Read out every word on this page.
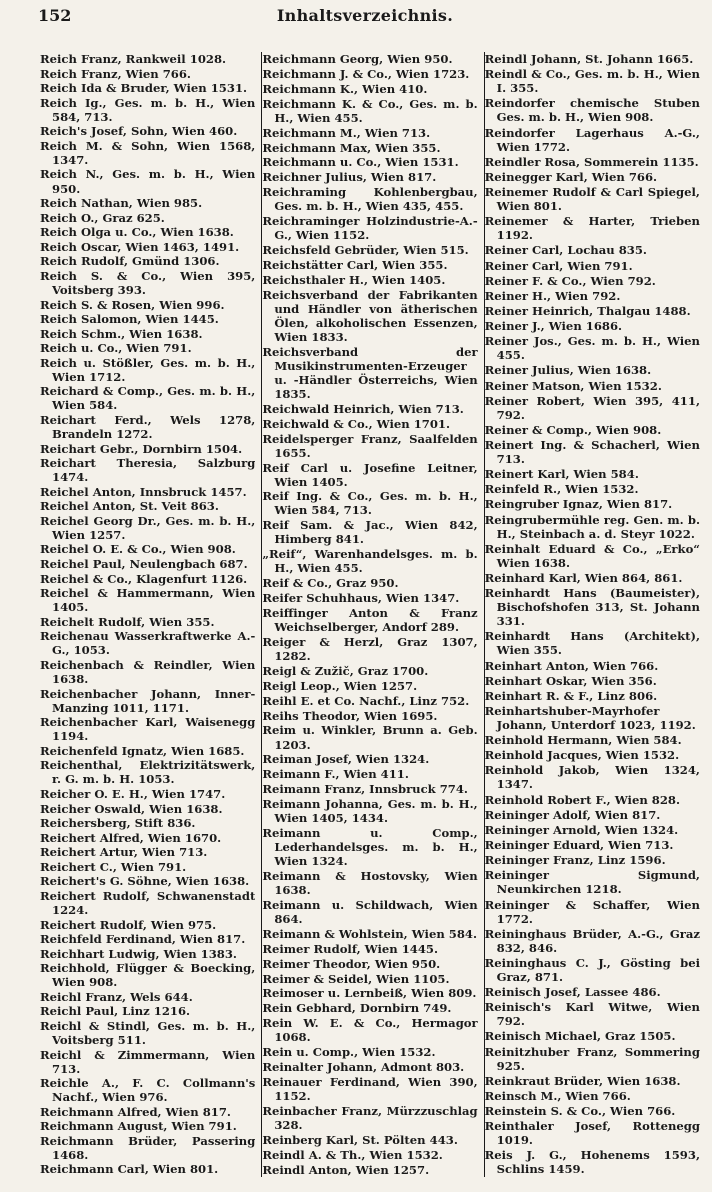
152	Inhaltsverzeichnis.

Reich Franz, Rankweil 1028.

Reich Franz, Wien 766.

Reich Ida & Bruder, Wien 1531.

Reich Ig., Ges. m. b. H., Wien 584, 713.

Reich's Josef, Sohn, Wien 460.

Reich M. & Sohn, Wien 1568, 1347.

Reich N., Ges. m. b. H., Wien 950.

Reich Nathan, Wien 985.

Reich O., Graz 625.

Reich Olga u. Co., Wien 1638.

Reich Oscar, Wien 1463, 1491.

Reich Rudolf, Gmünd 1306.

Reich S. & Co., Wien 395, Voitsberg 393.

Reich S. & Rosen, Wien 996.

Reich Salomon, Wien 1445.

Reich Schm., Wien 1638.

Reich u. Co., Wien 791.

Reich u. Stößler, Ges. m. b. H., Wien 1712.

Reichard & Comp., Ges. m. b. H., Wien 584.

Reichart Ferd., Wels 1278, Brandeln 1272.

Reichart Gebr., Dornbirn 1504.

Reichart Theresia, Salzburg 1474.

Reichel Anton, Innsbruck 1457.

Reichel Anton, St. Veit 863.

Reichel Georg Dr., Ges. m. b. H., Wien 1257.

Reichel O. E. & Co., Wien 908.

Reichel Paul, Neulengbach 687.

Reichel & Co., Klagenfurt 1126.

Reichel & Hammermann, Wien 1405.

Reichelt Rudolf, Wien 355.

Reichenau Wasserkraftwerke A.-G., 1053.

Reichenbach & Reindler, Wien 1638.

Reichenbacher Johann, Inner-Manzing 1011, 1171.

Reichenbacher Karl, Waisenegg 1194.

Reichenfeld Ignatz, Wien 1685.

Reichenthal, Elektrizitätswerk, r. G. m. b. H. 1053.

Reicher O. E. H., Wien 1747.

Reicher Oswald, Wien 1638.

Reichersberg, Stift 836.

Reichert Alfred, Wien 1670.

Reichert Artur, Wien 713.

Reichert C., Wien 791.

Reichert's G. Söhne, Wien 1638.

Reichert Rudolf, Schwanenstadt 1224.

Reichert Rudolf, Wien 975.

Reichfeld Ferdinand, Wien 817.

Reichhart Ludwig, Wien 1383.

Reichhold, Flügger & Boecking, Wien 908.

Reichl Franz, Wels 644.

Reichl Paul, Linz 1216.

Reichl & Stindl, Ges. m. b. H., Voitsberg 511.

Reichl & Zimmermann, Wien 713.

Reichle A., F. C. Collmann's Nachf., Wien 976.

Reichmann Alfred, Wien 817.

Reichmann August, Wien 791.

Reichmann Brüder, Passering 1468.

Reichmann Carl, Wien 801.

Reichmann Georg, Wien 950.

Reichmann J. & Co., Wien 1723.

Reichmann K., Wien 410.

Reichmann K. & Co., Ges. m. b. H., Wien 455.

Reichmann M., Wien 713.

Reichmann Max, Wien 355.

Reichmann u. Co., Wien 1531.

Reichner Julius, Wien 817.

Reichraming Kohlenbergbau, Ges. m. b. H., Wien 435, 455.

Reichraminger Holzindustrie-A.-G., Wien 1152.

Reichsfeld Gebrüder, Wien 515.

Reichstätter Carl, Wien 355.

Reichsthaler H., Wien 1405.

Reichsverband der Fabrikanten und Händler von ätherischen Ölen, alkoholischen Essenzen, Wien 1833.

Reichsverband der Musikinstrumenten-Erzeuger u. -Händler Österreichs, Wien 1835.

Reichwald Heinrich, Wien 713.

Reichwald & Co., Wien 1701.

Reidelsperger Franz, Saalfelden 1655.

Reif Carl u. Josefine Leitner, Wien 1405.

Reif Ing. & Co., Ges. m. b. H., Wien 584, 713.

Reif Sam. & Jac., Wien 842, Himberg 841.

„Reif“, Warenhandelsges. m. b. H., Wien 455.

Reif & Co., Graz 950.

Reifer Schuhhaus, Wien 1347.

Reiffinger Anton & Franz Weichselberger, Andorf 289.

Reiger & Herzl, Graz 1307, 1282.

Reigl & Zužič, Graz 1700.

Reigl Leop., Wien 1257.

Reihl E. et Co. Nachf., Linz 752.

Reihs Theodor, Wien 1695.

Reim u. Winkler, Brunn a. Geb. 1203.

Reiman Josef, Wien 1324.

Reimann F., Wien 411.

Reimann Franz, Innsbruck 774.

Reimann Johanna, Ges. m. b. H., Wien 1405, 1434.

Reimann u. Comp., Lederhandelsges. m. b. H., Wien 1324.

Reimann & Hostovsky, Wien 1638.

Reimann u. Schildwach, Wien 864.

Reimann & Wohlstein, Wien 584.

Reimer Rudolf, Wien 1445.

Reimer Theodor, Wien 950.

Reimer & Seidel, Wien 1105.

Reimoser u. Lernbeiß, Wien 809.

Rein Gebhard, Dornbirn 749.

Rein W. E. & Co., Hermagor 1068.

Rein u. Comp., Wien 1532.

Reinalter Johann, Admont 803.

Reinauer Ferdinand, Wien 390, 1152.

Reinbacher Franz, Mürzzuschlag 328.

Reinberg Karl, St. Pölten 443.

Reindl A. & Th., Wien 1532.

Reindl Anton, Wien 1257.

Reindl Johann, St. Johann 1665.

Reindl & Co., Ges. m. b. H., Wien I. 355.

Reindorfer chemische Stuben Ges. m. b. H., Wien 908.

Reindorfer Lagerhaus A.-G., Wien 1772.

Reindler Rosa, Sommerein 1135.

Reinegger Karl, Wien 766.

Reinemer Rudolf & Carl Spiegel, Wien 801.

Reinemer & Harter, Trieben 1192.

Reiner Carl, Lochau 835.

Reiner Carl, Wien 791.

Reiner F. & Co., Wien 792.

Reiner H., Wien 792.

Reiner Heinrich, Thalgau 1488.

Reiner J., Wien 1686.

Reiner Jos., Ges. m. b. H., Wien 455.

Reiner Julius, Wien 1638.

Reiner Matson, Wien 1532.

Reiner Robert, Wien 395, 411, 792.

Reiner & Comp., Wien 908.

Reinert Ing. & Schacherl, Wien 713.

Reinert Karl, Wien 584.

Reinfeld R., Wien 1532.

Reingruber Ignaz, Wien 817.

Reingrubermühle reg. Gen. m. b. H., Steinbach a. d. Steyr 1022.

Reinhalt Eduard & Co., „Erko“ Wien 1638.

Reinhard Karl, Wien 864, 861.

Reinhardt Hans (Baumeister), Bischofshofen 313, St. Johann 331.

Reinhardt Hans (Architekt), Wien 355.

Reinhart Anton, Wien 766.

Reinhart Oskar, Wien 356.

Reinhart R. & F., Linz 806.

Reinhartshuber-Mayrhofer Johann, Unterdorf 1023, 1192.

Reinhold Hermann, Wien 584.

Reinhold Jacques, Wien 1532.

Reinhold Jakob, Wien 1324, 1347.

Reinhold Robert F., Wien 828.

Reininger Adolf, Wien 817.

Reininger Arnold, Wien 1324.

Reininger Eduard, Wien 713.

Reininger Franz, Linz 1596.

Reininger Sigmund, Neunkirchen 1218.

Reininger & Schaffer, Wien 1772.

Reininghaus Brüder, A.-G., Graz 832, 846.

Reininghaus C. J., Gösting bei Graz, 871.

Reinisch Josef, Lassee 486.

Reinisch's Karl Witwe, Wien 792.

Reinisch Michael, Graz 1505.

Reinitzhuber Franz, Sommering 925.

Reinkraut Brüder, Wien 1638.

Reinsch M., Wien 766.

Reinstein S. & Co., Wien 766.

Reinthaler Josef, Rottenegg 1019.

Reis J. G., Hohenems 1593, Schlins 1459.
